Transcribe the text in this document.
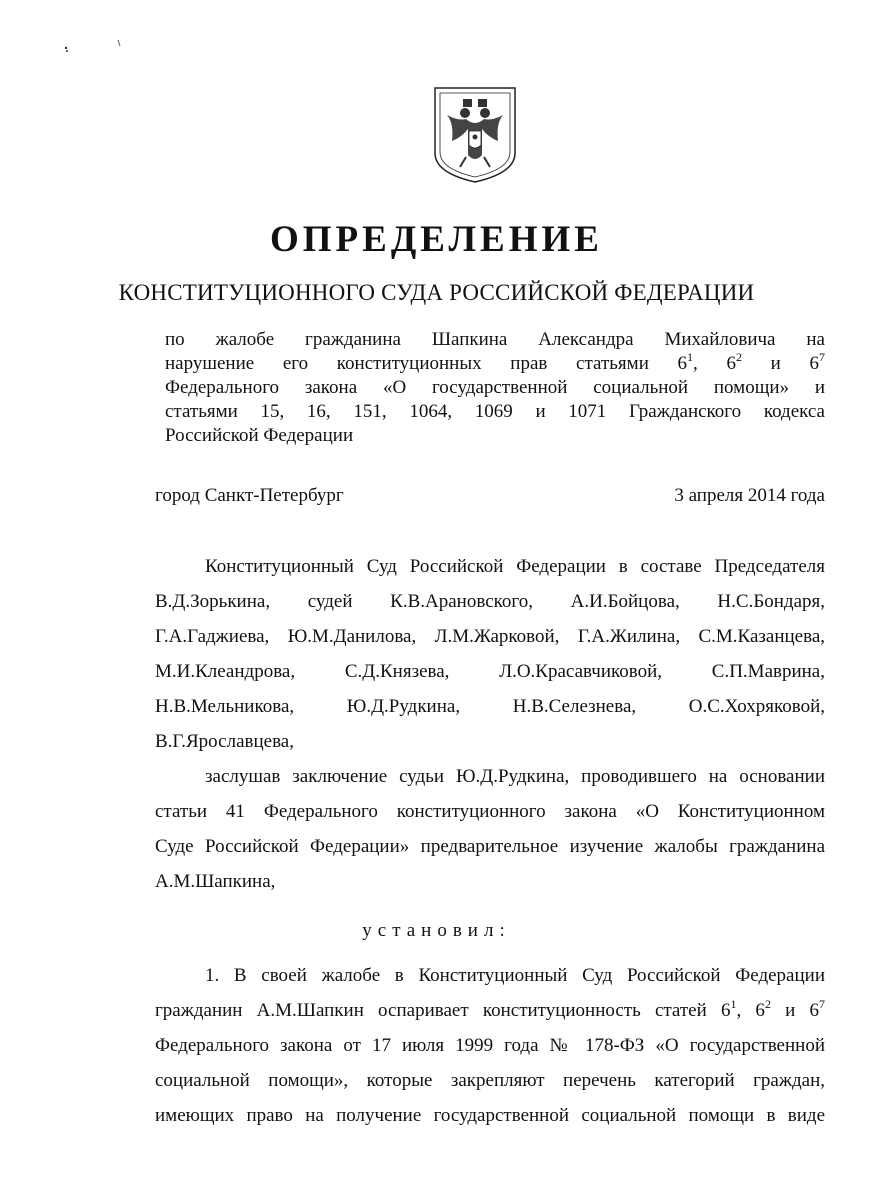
ОПРЕДЕЛЕНИЕ
КОНСТИТУЦИОННОГО СУДА РОССИЙСКОЙ ФЕДЕРАЦИИ
по жалобе гражданина Шапкина Александра Михайловича на
нарушение его конституционных прав статьями $6^1$, $6^2$ и $6^7$
Федерального закона «О государственной социальной помощи» и
статьями 15, 16, 151, 1064, 1069 и 1071 Гражданского кодекса
Российской Федерации
город Санкт-Петербург	3 апреля 2014 года
Конституционный Суд Российской Федерации в составе Председателя
В.Д.Зорькина, судей К.В.Арановского, А.И.Бойцова, Н.С.Бондаря,
Г.А.Гаджиева, Ю.М.Данилова, Л.М.Жарковой, Г.А.Жилина, С.М.Казанцева,
М.И.Клеандрова, С.Д.Князева, Л.О.Красавчиковой, С.П.Маврина,
Н.В.Мельникова, Ю.Д.Рудкина, Н.В.Селезнева, О.С.Хохряковой,
В.Г.Ярославцева,
заслушав заключение судьи Ю.Д.Рудкина, проводившего на основании
статьи 41 Федерального конституционного закона «О Конституционном
Суде Российской Федерации» предварительное изучение жалобы гражданина
А.М.Шапкина,
установил:
1. В своей жалобе в Конституционный Суд Российской Федерации
гражданин А.М.Шапкин оспаривает конституционность статей $6^1$, $6^2$ и $6^7$
Федерального закона от 17 июля 1999 года № 178-ФЗ «О государственной
социальной помощи», которые закрепляют перечень категорий граждан,
имеющих право на получение государственной социальной помощи в виде
